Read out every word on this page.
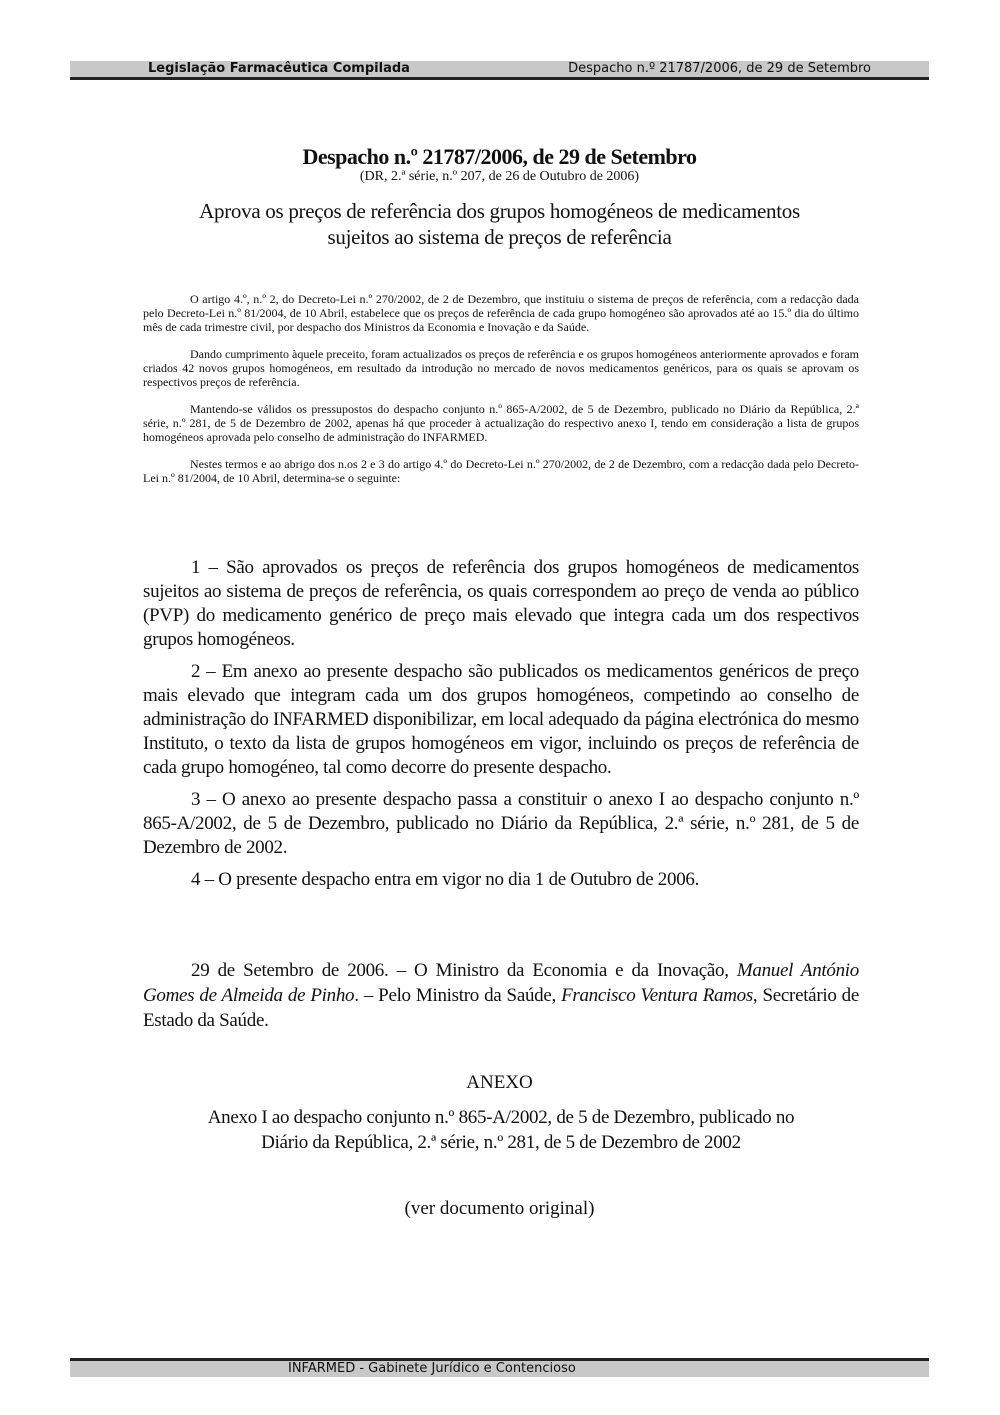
Legislação Farmacêutica Compilada	Despacho n.º 21787/2006, de 29 de Setembro
Despacho n.º 21787/2006, de 29 de Setembro
(DR, 2.ª série, n.º 207, de 26 de Outubro de 2006)
Aprova os preços de referência dos grupos homogéneos de medicamentos
sujeitos ao sistema de preços de referência

O artigo 4.º, n.º 2, do Decreto-Lei n.º 270/2002, de 2 de Dezembro, que instituiu o sistema de preços de referência, com a redacção dada pelo Decreto-Lei n.º 81/2004, de 10 Abril, estabelece que os preços de referência de cada grupo homogéneo são aprovados até ao 15.º dia do último mês de cada trimestre civil, por despacho dos Ministros da Economia e Inovação e da Saúde.

Dando cumprimento àquele preceito, foram actualizados os preços de referência e os grupos homogéneos anteriormente aprovados e foram criados 42 novos grupos homogéneos, em resultado da introdução no mercado de novos medicamentos genéricos, para os quais se aprovam os respectivos preços de referência.

Mantendo-se válidos os pressupostos do despacho conjunto n.º 865-A/2002, de 5 de Dezembro, publicado no Diário da República, 2.ª série, n.º 281, de 5 de Dezembro de 2002, apenas há que proceder à actualização do respectivo anexo I, tendo em consideração a lista de grupos homogéneos aprovada pelo conselho de administração do INFARMED.

Nestes termos e ao abrigo dos n.os 2 e 3 do artigo 4.º do Decreto-Lei n.º 270/2002, de 2 de Dezembro, com a redacção dada pelo Decreto-Lei n.º 81/2004, de 10 Abril, determina-se o seguinte:

1 – São aprovados os preços de referência dos grupos homogéneos de medicamentos sujeitos ao sistema de preços de referência, os quais correspondem ao preço de venda ao público (PVP) do medicamento genérico de preço mais elevado que integra cada um dos respectivos grupos homogéneos.

2 – Em anexo ao presente despacho são publicados os medicamentos genéricos de preço mais elevado que integram cada um dos grupos homogéneos, competindo ao conselho de administração do INFARMED disponibilizar, em local adequado da página electrónica do mesmo Instituto, o texto da lista de grupos homogéneos em vigor, incluindo os preços de referência de cada grupo homogéneo, tal como decorre do presente despacho.

3 – O anexo ao presente despacho passa a constituir o anexo I ao despacho conjunto n.º 865-A/2002, de 5 de Dezembro, publicado no Diário da República, 2.ª série, n.º 281, de 5 de Dezembro de 2002.

4 – O presente despacho entra em vigor no dia 1 de Outubro de 2006.

29 de Setembro de 2006. – O Ministro da Economia e da Inovação, Manuel António Gomes de Almeida de Pinho. – Pelo Ministro da Saúde, Francisco Ventura Ramos, Secretário de Estado da Saúde.

ANEXO
Anexo I ao despacho conjunto n.º 865-A/2002, de 5 de Dezembro, publicado no
Diário da República, 2.ª série, n.º 281, de 5 de Dezembro de 2002
(ver documento original)
INFARMED - Gabinete Jurídico e Contencioso
